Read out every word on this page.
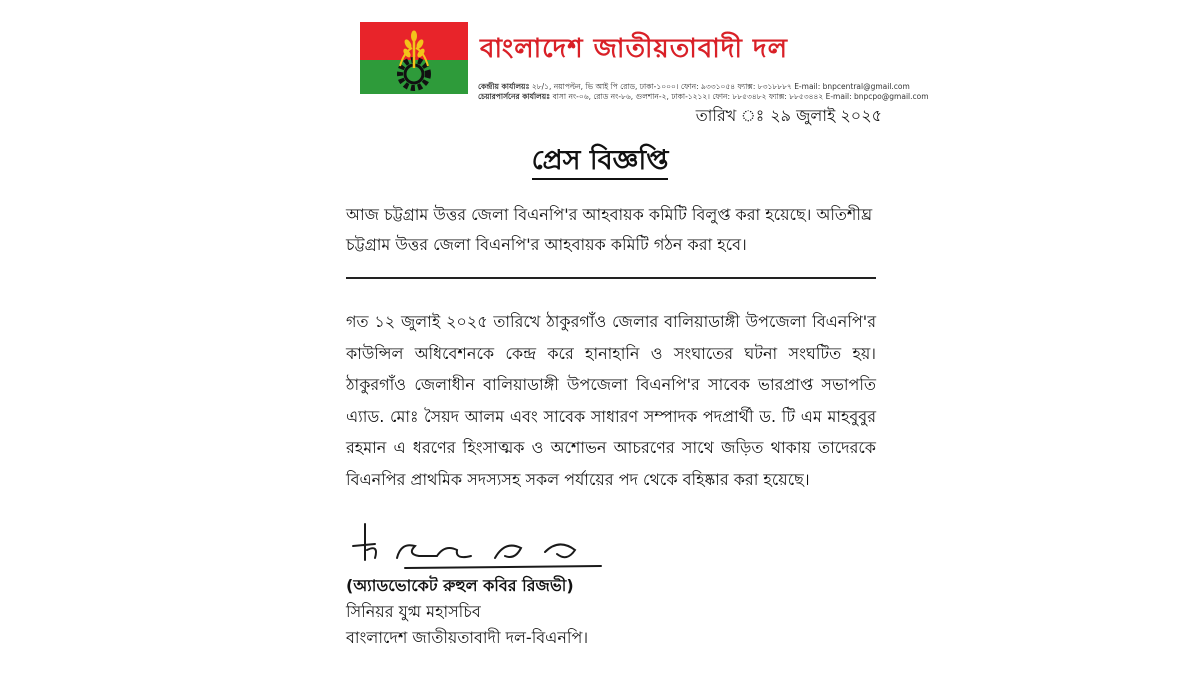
বাংলাদেশ জাতীয়তাবাদী দল
কেন্দ্রীয় কার্যালয়ঃ ২৮/১, নয়াপল্টন, ভি আই পি রোড, ঢাকা-১০০০। ফোন: ৯৩৩১০৫৪ ফ্যাক্স: ৮৩১৮৮৮৭ E-mail: bnpcentral@gmail.com
চেয়ারপার্সনের কার্যালয়ঃ বাসা নং-০৬, রোড নং-৮৬, গুলশান-২, ঢাকা-১২১২। ফোন: ৮৮৫৩৪৮২ ফ্যাক্স: ৮৮৫৩৪৪২ E-mail: bnpcpo@gmail.com
তারিখ ঃ ২৯ জুলাই ২০২৫
প্রেস বিজ্ঞপ্তি
আজ চট্টগ্রাম উত্তর জেলা বিএনপি'র আহবায়ক কমিটি বিলুপ্ত করা হয়েছে। অতিশীঘ্র চট্টগ্রাম উত্তর জেলা বিএনপি'র আহবায়ক কমিটি গঠন করা হবে।
গত ১২ জুলাই ২০২৫ তারিখে ঠাকুরগাঁও জেলার বালিয়াডাঙ্গী উপজেলা বিএনপি'র কাউন্সিল অধিবেশনকে কেন্দ্র করে হানাহানি ও সংঘাতের ঘটনা সংঘটিত হয়। ঠাকুরগাঁও জেলাধীন বালিয়াডাঙ্গী উপজেলা বিএনপি'র সাবেক ভারপ্রাপ্ত সভাপতি এ্যাড. মোঃ সৈয়দ আলম এবং সাবেক সাধারণ সম্পাদক পদপ্রার্থী ড. টি এম মাহবুবুর রহমান এ ধরণের হিংসাত্মক ও অশোভন আচরণের সাথে জড়িত থাকায় তাদেরকে বিএনপির প্রাথমিক সদস্যসহ সকল পর্যায়ের পদ থেকে বহিষ্কার করা হয়েছে।
(অ্যাডভোকেট রুহুল কবির রিজভী)
সিনিয়র যুগ্ম মহাসচিব
বাংলাদেশ জাতীয়তাবাদী দল-বিএনপি।
